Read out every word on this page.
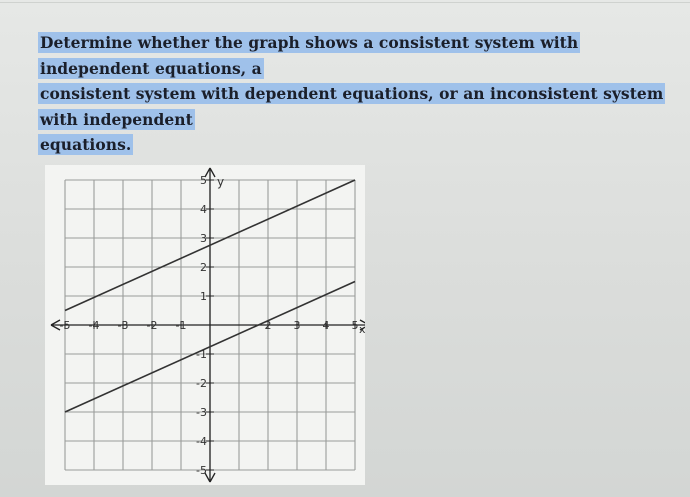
Determine whether the graph shows a consistent system with independent equations, a
consistent system with dependent equations, or an inconsistent system with independent
equations.
-5 -4 -3 -2 -1	2 3 4 5
5
4
3
2
1
-1
-2
-3
-4
-5
x
y
